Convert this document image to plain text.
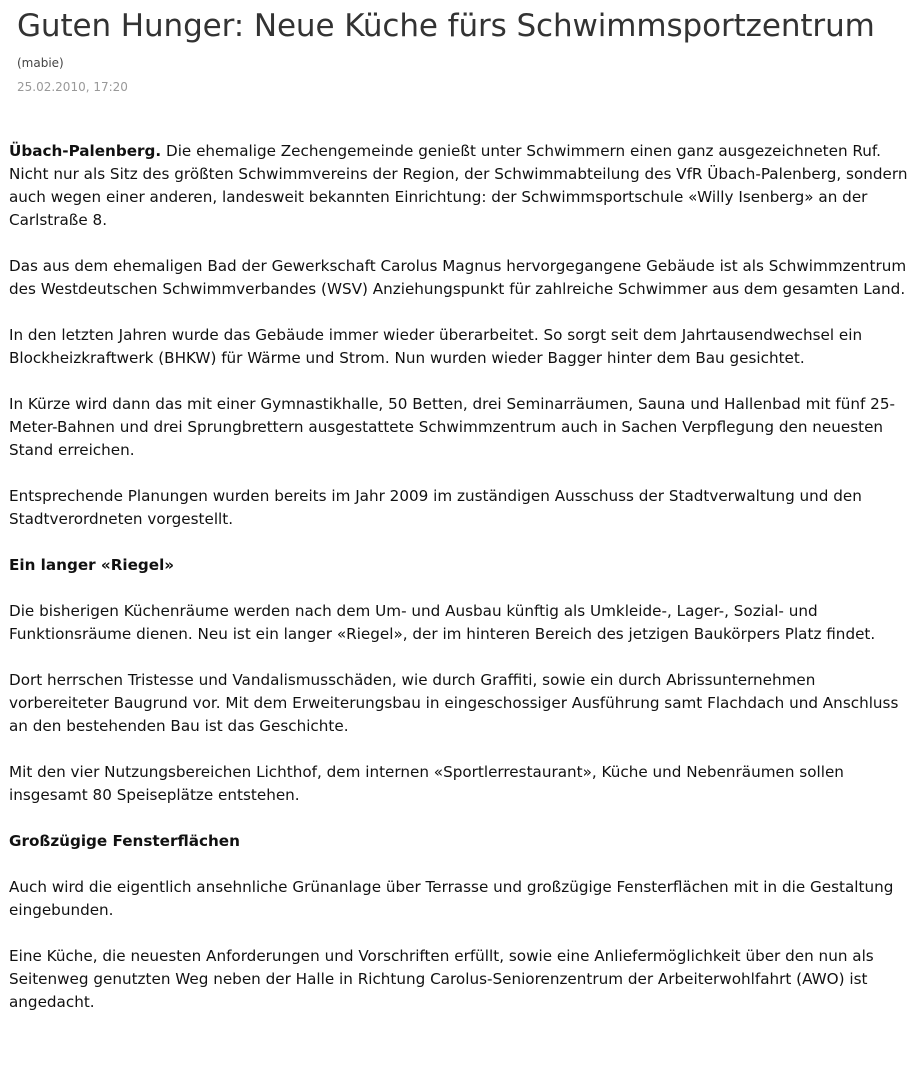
Guten Hunger: Neue Küche fürs Schwimmsportzentrum
(mabie)
25.02.2010, 17:20

Übach-Palenberg. Die ehemalige Zechengemeinde genießt unter Schwimmern einen ganz ausgezeichneten Ruf. Nicht nur als Sitz des größten Schwimmvereins der Region, der Schwimmabteilung des VfR Übach-Palenberg, sondern auch wegen einer anderen, landesweit bekannten Einrichtung: der Schwimmsportschule «Willy Isenberg» an der Carlstraße 8.

Das aus dem ehemaligen Bad der Gewerkschaft Carolus Magnus hervorgegangene Gebäude ist als Schwimmzentrum des Westdeutschen Schwimmverbandes (WSV) Anziehungspunkt für zahlreiche Schwimmer aus dem gesamten Land.

In den letzten Jahren wurde das Gebäude immer wieder überarbeitet. So sorgt seit dem Jahrtausendwechsel ein Blockheizkraftwerk (BHKW) für Wärme und Strom. Nun wurden wieder Bagger hinter dem Bau gesichtet.

In Kürze wird dann das mit einer Gymnastikhalle, 50 Betten, drei Seminarräumen, Sauna und Hallenbad mit fünf 25-Meter-Bahnen und drei Sprungbrettern ausgestattete Schwimmzentrum auch in Sachen Verpflegung den neuesten Stand erreichen.

Entsprechende Planungen wurden bereits im Jahr 2009 im zuständigen Ausschuss der Stadtverwaltung und den Stadtverordneten vorgestellt.

Ein langer «Riegel»

Die bisherigen Küchenräume werden nach dem Um- und Ausbau künftig als Umkleide-, Lager-, Sozial- und Funktionsräume dienen. Neu ist ein langer «Riegel», der im hinteren Bereich des jetzigen Baukörpers Platz findet.

Dort herrschen Tristesse und Vandalismusschäden, wie durch Graffiti, sowie ein durch Abrissunternehmen vorbereiteter Baugrund vor. Mit dem Erweiterungsbau in eingeschossiger Ausführung samt Flachdach und Anschluss an den bestehenden Bau ist das Geschichte.

Mit den vier Nutzungsbereichen Lichthof, dem internen «Sportlerrestaurant», Küche und Nebenräumen sollen insgesamt 80 Speiseplätze entstehen.

Großzügige Fensterflächen

Auch wird die eigentlich ansehnliche Grünanlage über Terrasse und großzügige Fensterflächen mit in die Gestaltung eingebunden.

Eine Küche, die neuesten Anforderungen und Vorschriften erfüllt, sowie eine Anliefermöglichkeit über den nun als Seitenweg genutzten Weg neben der Halle in Richtung Carolus-Seniorenzentrum der Arbeiterwohlfahrt (AWO) ist angedacht.
